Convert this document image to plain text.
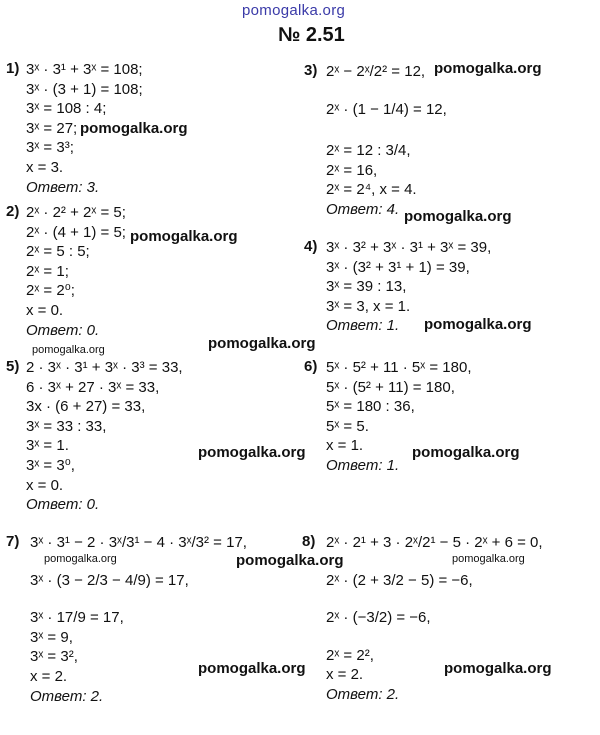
pomogalka.org
№ 2.51
1) 3ˣ · 3¹ + 3ˣ = 108;
3ˣ · (3 + 1) = 108;
3ˣ = 108 : 4;
3ˣ = 27;
3ˣ = 3³;
x = 3.
Ответ: 3.
pomogalka.org
2) 2ˣ · 2² + 2ˣ = 5;
2ˣ · (4 + 1) = 5;
2ˣ = 5 : 5;
2ˣ = 1;
2ˣ = 2⁰;
x = 0.
Ответ: 0.
pomogalka.org
pomogalka.org	pomogalka.org
3) 2ˣ − 2ˣ/2² = 12,
2ˣ · (1 − 1/4) = 12,
2ˣ = 12 : 3/4,
2ˣ = 16,
2ˣ = 2⁴, x = 4.
Ответ: 4.
pomogalka.org
pomogalka.org
4) 3ˣ · 3² + 3ˣ · 3¹ + 3ˣ = 39,
3ˣ · (3² + 3¹ + 1) = 39,
3ˣ = 39 : 13,
3ˣ = 3, x = 1.
Ответ: 1.	pomogalka.org
5) 2 · 3ˣ · 3¹ + 3ˣ · 3³ = 33,
6 · 3ˣ + 27 · 3ˣ = 33,
3x · (6 + 27) = 33,
3ˣ = 33 : 33,
3ˣ = 1.
3ˣ = 3⁰,
x = 0.
Ответ: 0.
pomogalka.org
6) 5ˣ · 5² + 11 · 5ˣ = 180,
5ˣ · (5² + 11) = 180,
5ˣ = 180 : 36,
5ˣ = 5.
x = 1.
Ответ: 1.
pomogalka.org
7) 3ˣ · 3¹ − 2 · 3ˣ/3¹ − 4 · 3ˣ/3² = 17,
3ˣ · (3 − 2/3 − 4/9) = 17,
3ˣ · 17/9 = 17,
3ˣ = 9,
3ˣ = 3²,
x = 2.
Ответ: 2.
pomogalka.org	pomogalka.org
pomogalka.org
8) 2ˣ · 2¹ + 3 · 2ˣ/2¹ − 5 · 2ˣ + 6 = 0,
2ˣ · (2 + 3/2 − 5) = −6,
2ˣ · (−3/2) = −6,
2ˣ = 2²,
x = 2.
Ответ: 2.
pomogalka.org
pomogalka.org
